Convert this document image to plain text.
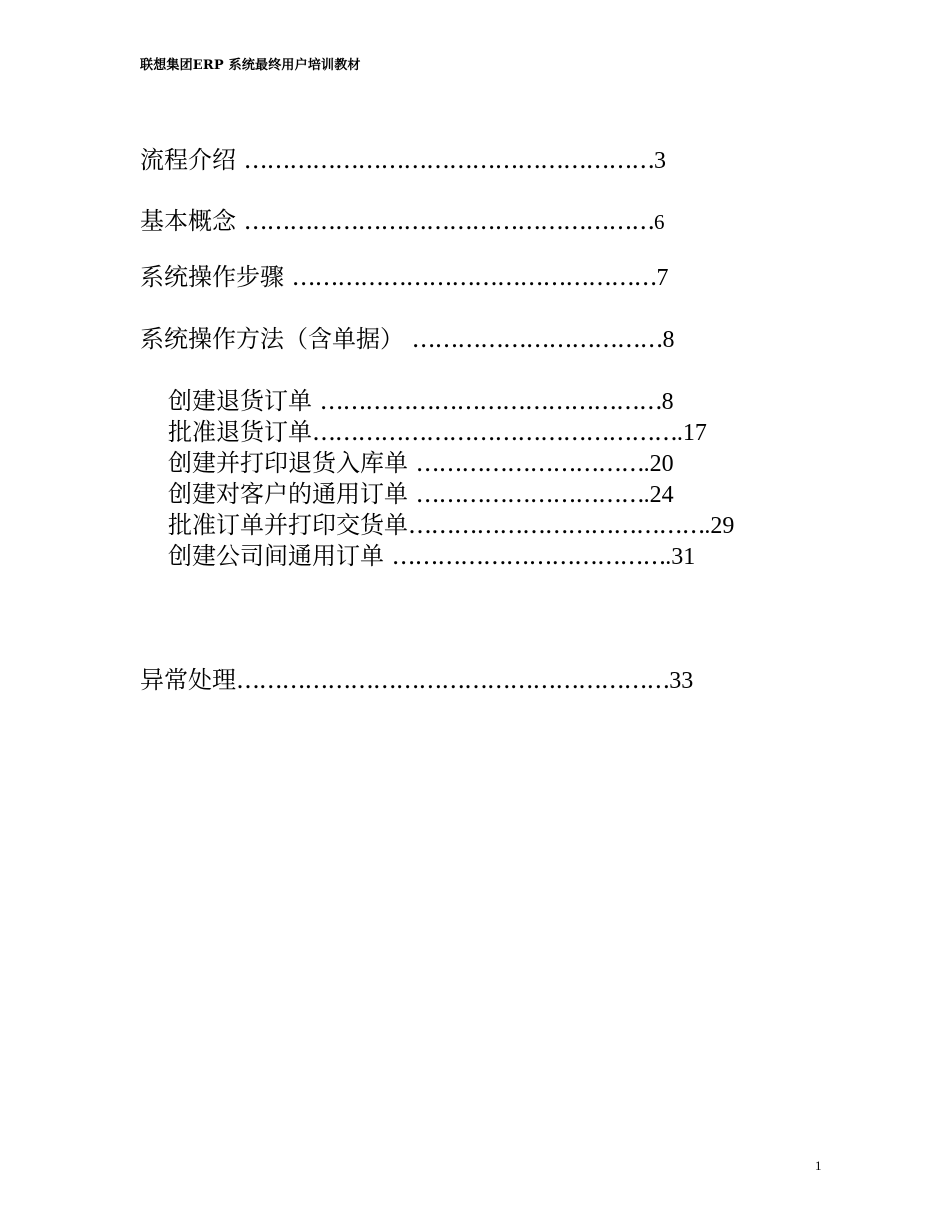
联想集团ERP 系统最终用户培训教材
流程介绍 ………………………………………………3
基本概念 ………………………………………………6
系统操作步骤 …………………………………………7
系统操作方法（含单据） ……………………………8
创建退货订单 ………………………………………8
批准退货订单………………………………………….17
创建并打印退货入库单 ………………………….20
创建对客户的通用订单 ………………………….24
批准订单并打印交货单………………………………….29
创建公司间通用订单 ……………………………….31
异常处理…………………………………………………33
1
